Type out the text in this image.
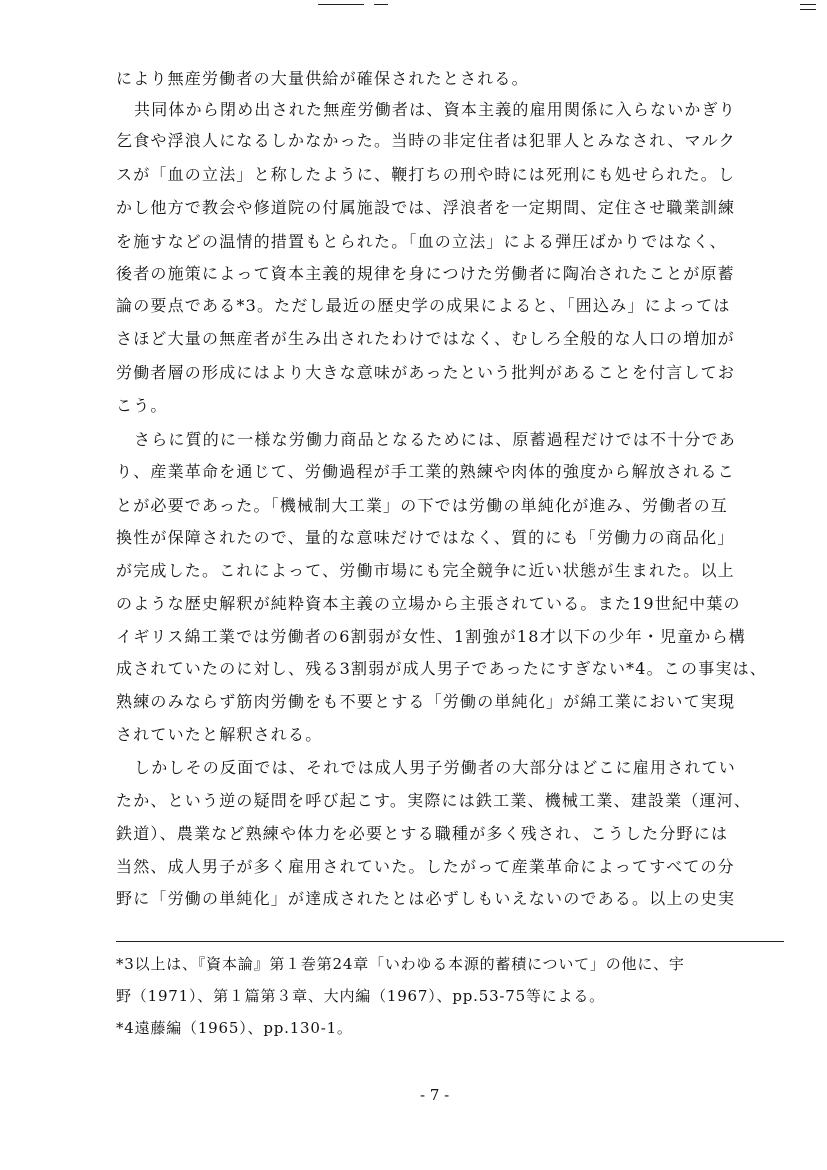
により無産労働者の大量供給が確保されたとされる。

共同体から閉め出された無産労働者は、資本主義的雇用関係に入らないかぎり

乞食や浮浪人になるしかなかった。当時の非定住者は犯罪人とみなされ、マルク

スが「血の立法」と称したように、鞭打ちの刑や時には死刑にも処せられた。し

かし他方で教会や修道院の付属施設では、浮浪者を一定期間、定住させ職業訓練

を施すなどの温情的措置もとられた。「血の立法」による弾圧ばかりではなく、

後者の施策によって資本主義的規律を身につけた労働者に陶冶されたことが原蓄

論の要点である*3。ただし最近の歴史学の成果によると、「囲込み」によっては

さほど大量の無産者が生み出されたわけではなく、むしろ全般的な人口の増加が

労働者層の形成にはより大きな意味があったという批判があることを付言してお

こう。

さらに質的に一様な労働力商品となるためには、原蓄過程だけでは不十分であ

り、産業革命を通じて、労働過程が手工業的熟練や肉体的強度から解放されるこ

とが必要であった。「機械制大工業」の下では労働の単純化が進み、労働者の互

換性が保障されたので、量的な意味だけではなく、質的にも「労働力の商品化」

が完成した。これによって、労働市場にも完全競争に近い状態が生まれた。以上

のような歴史解釈が純粋資本主義の立場から主張されている。また19世紀中葉の

イギリス綿工業では労働者の6割弱が女性、1割強が18才以下の少年・児童から構

成されていたのに対し、残る3割弱が成人男子であったにすぎない*4。この事実は、

熟練のみならず筋肉労働をも不要とする「労働の単純化」が綿工業において実現

されていたと解釈される。

しかしその反面では、それでは成人男子労働者の大部分はどこに雇用されてい

たか、という逆の疑問を呼び起こす。実際には鉄工業、機械工業、建設業（運河、

鉄道）、農業など熟練や体力を必要とする職種が多く残され、こうした分野には

当然、成人男子が多く雇用されていた。したがって産業革命によってすべての分

野に「労働の単純化」が達成されたとは必ずしもいえないのである。以上の史実

*3以上は、『資本論』第１巻第24章「いわゆる本源的蓄積について」の他に、宇

野（1971）、第１篇第３章、大内編（1967）、pp.53-75等による。

*4遠藤編（1965）、pp.130-1。

- 7 -
